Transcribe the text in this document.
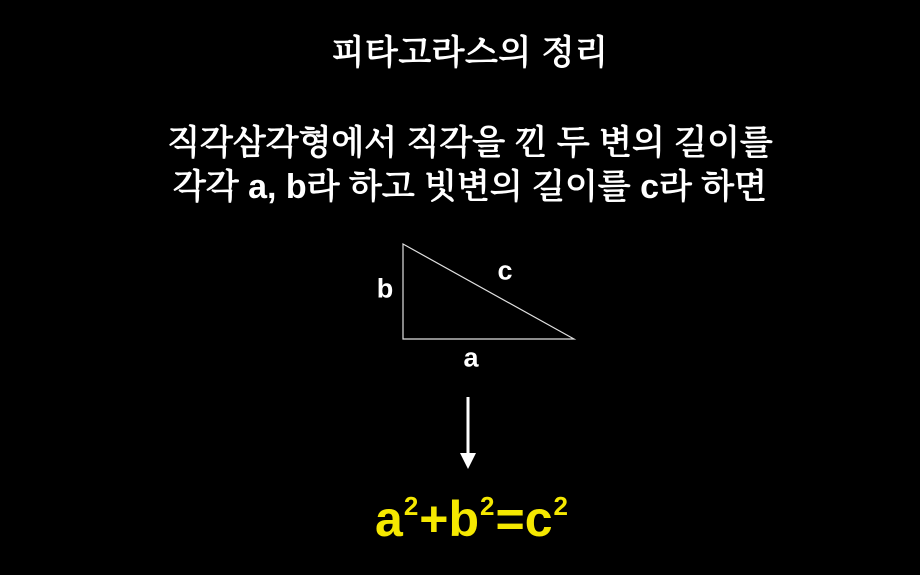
피타고라스의 정리
직각삼각형에서 직각을 낀 두 변의 길이를
각각 a, b라 하고 빗변의 길이를 c라 하면
b
c
a
$a^2+b^2=c^2$
